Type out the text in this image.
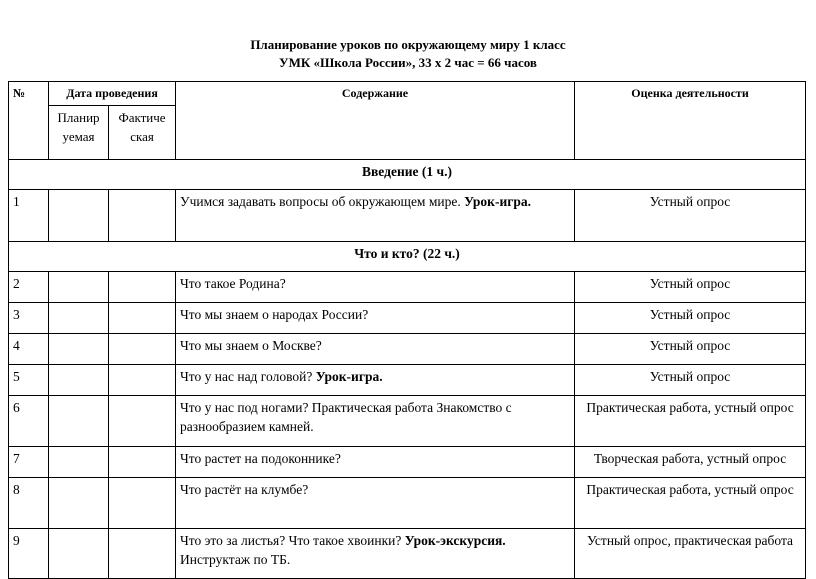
Планирование уроков по окружающему миру 1 класс
УМК «Школа России», 33 х 2 час = 66 часов
№	Дата проведения		Содержание	Оценка деятельности
	Планир уемая	Фактиче ская		
Введение (1 ч.)				
1			Учимся задавать вопросы об окружающем мире. Урок-игра.	Устный опрос
Что и кто? (22 ч.)				
2			Что такое Родина?	Устный опрос
3			Что мы знаем о народах России?	Устный опрос
4			Что мы знаем о Москве?	Устный опрос
5			Что у нас над головой? Урок-игра.	Устный опрос
6			Что у нас под ногами? Практическая работа Знакомство с разнообразием камней.	Практическая работа, устный опрос
7			Что растет на подоконнике?	Творческая работа, устный опрос
8			Что растёт на клумбе?	Практическая работа, устный опрос
9			Что это за листья? Что такое хвоинки? Урок-экскурсия. Инструктаж по ТБ.	Устный опрос, практическая работа
